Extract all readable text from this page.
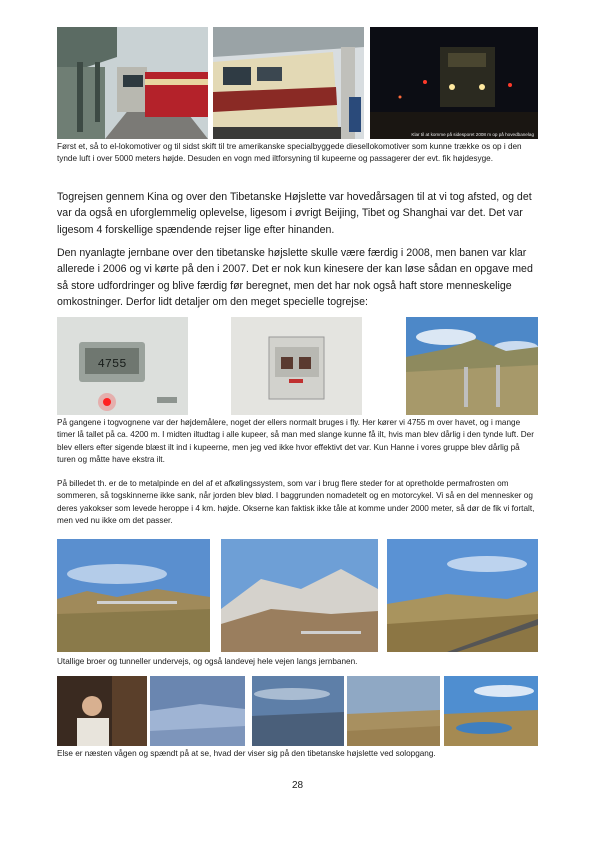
Klar til at komme på sidesporet 2008 m op på hovedbanelag

Først et, så to el-lokomotiver og til sidst skift til tre amerikanske specialbyggede diesellokomotiver som kunne trække os op i den tynde luft i over 5000 meters højde. Desuden en vogn med iltforsyning til kupeerne og passagerer der evt. fik højdesyge.

Togrejsen gennem Kina og over den Tibetanske Højslette var hovedårsagen til at vi tog afsted, og det var da også en uforglemmelig oplevelse, ligesom i øvrigt Beijing, Tibet og Shanghai var det. Det var ligesom 4 forskellige spændende rejser lige efter hinanden.

Den nyanlagte jernbane over den tibetanske højslette skulle være færdig i 2008, men banen var klar allerede i 2006 og vi kørte på den i 2007. Det er nok kun kinesere der kan løse sådan en opgave med så store udfordringer og blive færdig før beregnet, men det har nok også haft store menneskelige omkostninger. Derfor lidt detaljer om den meget specielle togrejse:

4755

På gangene i togvognene var der højdemålere, noget der ellers normalt bruges i fly. Her kører vi 4755 m over havet, og i mange timer lå tallet på ca. 4200 m. I midten iltudtag i alle kupeer, så man med slange kunne få ilt, hvis man blev dårlig i den tynde luft. Der blev ellers efter sigende blæst ilt ind i kupeerne, men jeg ved ikke hvor effektivt det var. Kun Hanne i vores gruppe blev dårlig på turen og måtte have ekstra ilt.

På billedet th. er de to metalpinde en del af et afkølingssystem, som var i brug flere steder for at opretholde permafrosten om sommeren, så togskinnerne ikke sank, når jorden blev blød. I baggrunden nomadetelt og en motorcykel. Vi så en del mennesker og deres yakokser som levede heroppe i 4 km. højde. Okserne kan faktisk ikke tåle at komme under 2000 meter, så dør de fik vi fortalt, men ved nu ikke om det passer.

Utallige broer og tunneller undervejs, og også landevej hele vejen langs jernbanen.

Else er næsten vågen og spændt på at se, hvad der viser sig på den tibetanske højslette ved solopgang.

28
